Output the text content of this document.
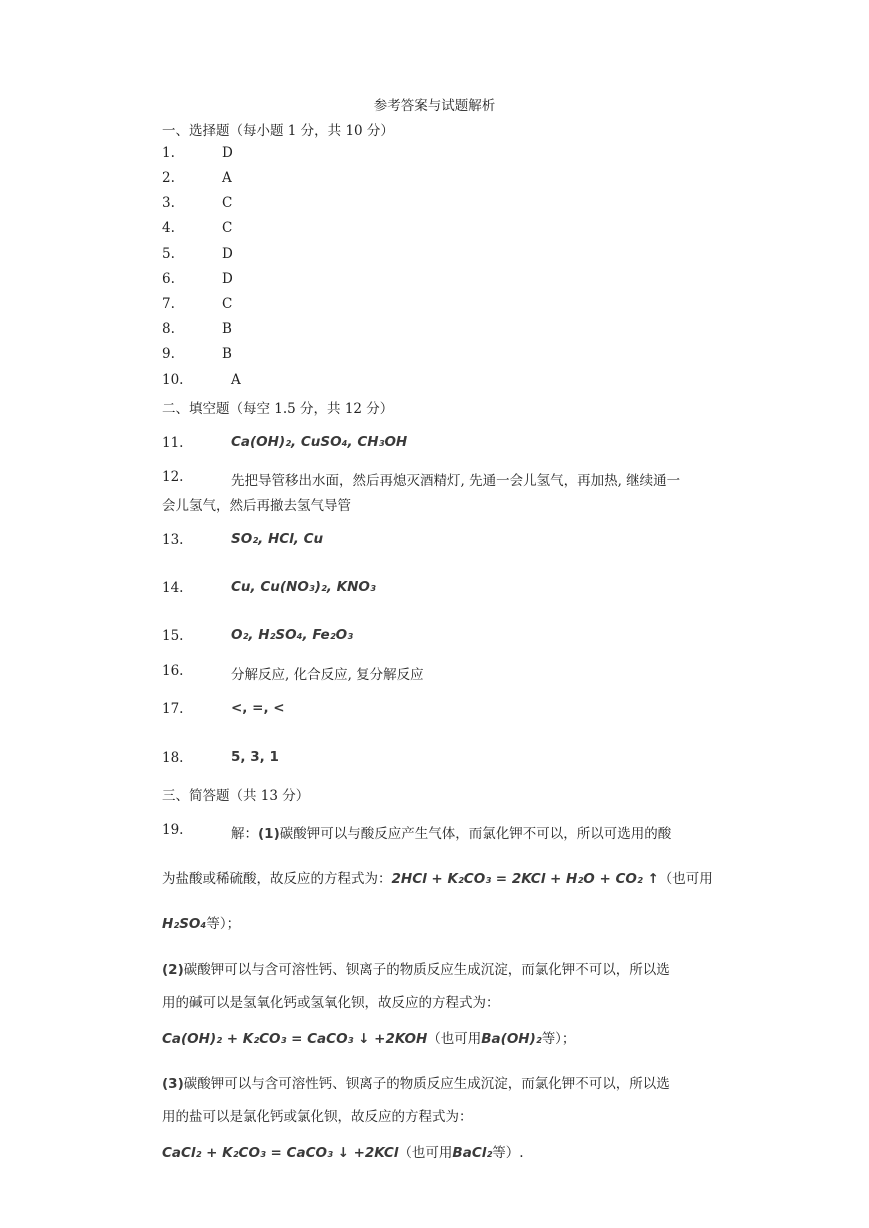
参考答案与试题解析
一、选择题（每小题 1 分，共 10 分）
1.	D
2.	A
3.	C
4.	C
5.	D
6.	D
7.	C
8.	B
9.	B
10.	A
二、填空题（每空 1.5 分，共 12 分）
11.	Ca(OH)₂, CuSO₄, CH₃OH
12.	先把导管移出水面，然后再熄灭酒精灯, 先通一会儿氢气，再加热, 继续通一
会儿氢气，然后再撤去氢气导管
13.	SO₂, HCl, Cu
14.	Cu, Cu(NO₃)₂, KNO₃
15.	O₂, H₂SO₄, Fe₂O₃
16.	分解反应, 化合反应, 复分解反应
17.	<, =, <
18.	5, 3, 1
三、简答题（共 13 分）
19.	解：(1)碳酸钾可以与酸反应产生气体，而氯化钾不可以，所以可选用的酸
为盐酸或稀硫酸，故反应的方程式为：2HCl + K₂CO₃ = 2KCl + H₂O + CO₂ ↑（也可用
H₂SO₄等）；
(2)碳酸钾可以与含可溶性钙、钡离子的物质反应生成沉淀，而氯化钾不可以，所以选
用的碱可以是氢氧化钙或氢氧化钡，故反应的方程式为：
Ca(OH)₂ + K₂CO₃ = CaCO₃ ↓ +2KOH（也可用Ba(OH)₂等）；
(3)碳酸钾可以与含可溶性钙、钡离子的物质反应生成沉淀，而氯化钾不可以，所以选
用的盐可以是氯化钙或氯化钡，故反应的方程式为：
CaCl₂ + K₂CO₃ = CaCO₃ ↓ +2KCl（也可用BaCl₂等）.
